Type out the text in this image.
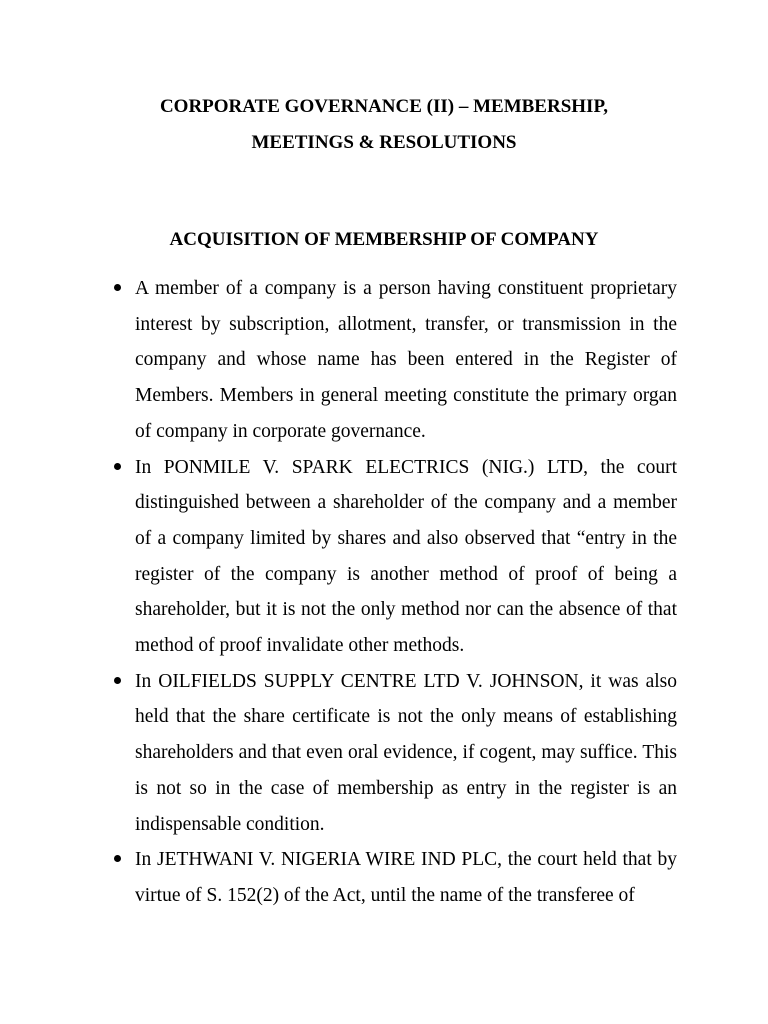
CORPORATE GOVERNANCE (II) – MEMBERSHIP,
MEETINGS & RESOLUTIONS
ACQUISITION OF MEMBERSHIP OF COMPANY

A member of a company is a person having constituent proprietary interest by subscription, allotment, transfer, or transmission in the company and whose name has been entered in the Register of Members. Members in general meeting constitute the primary organ of company in corporate governance.

In PONMILE V. SPARK ELECTRICS (NIG.) LTD, the court distinguished between a shareholder of the company and a member of a company limited by shares and also observed that “entry in the register of the company is another method of proof of being a shareholder, but it is not the only method nor can the absence of that method of proof invalidate other methods.

In OILFIELDS SUPPLY CENTRE LTD V. JOHNSON, it was also held that the share certificate is not the only means of establishing shareholders and that even oral evidence, if cogent, may suffice. This is not so in the case of membership as entry in the register is an indispensable condition.

In JETHWANI V. NIGERIA WIRE IND PLC, the court held that by virtue of S. 152(2) of the Act, until the name of the transferee of
